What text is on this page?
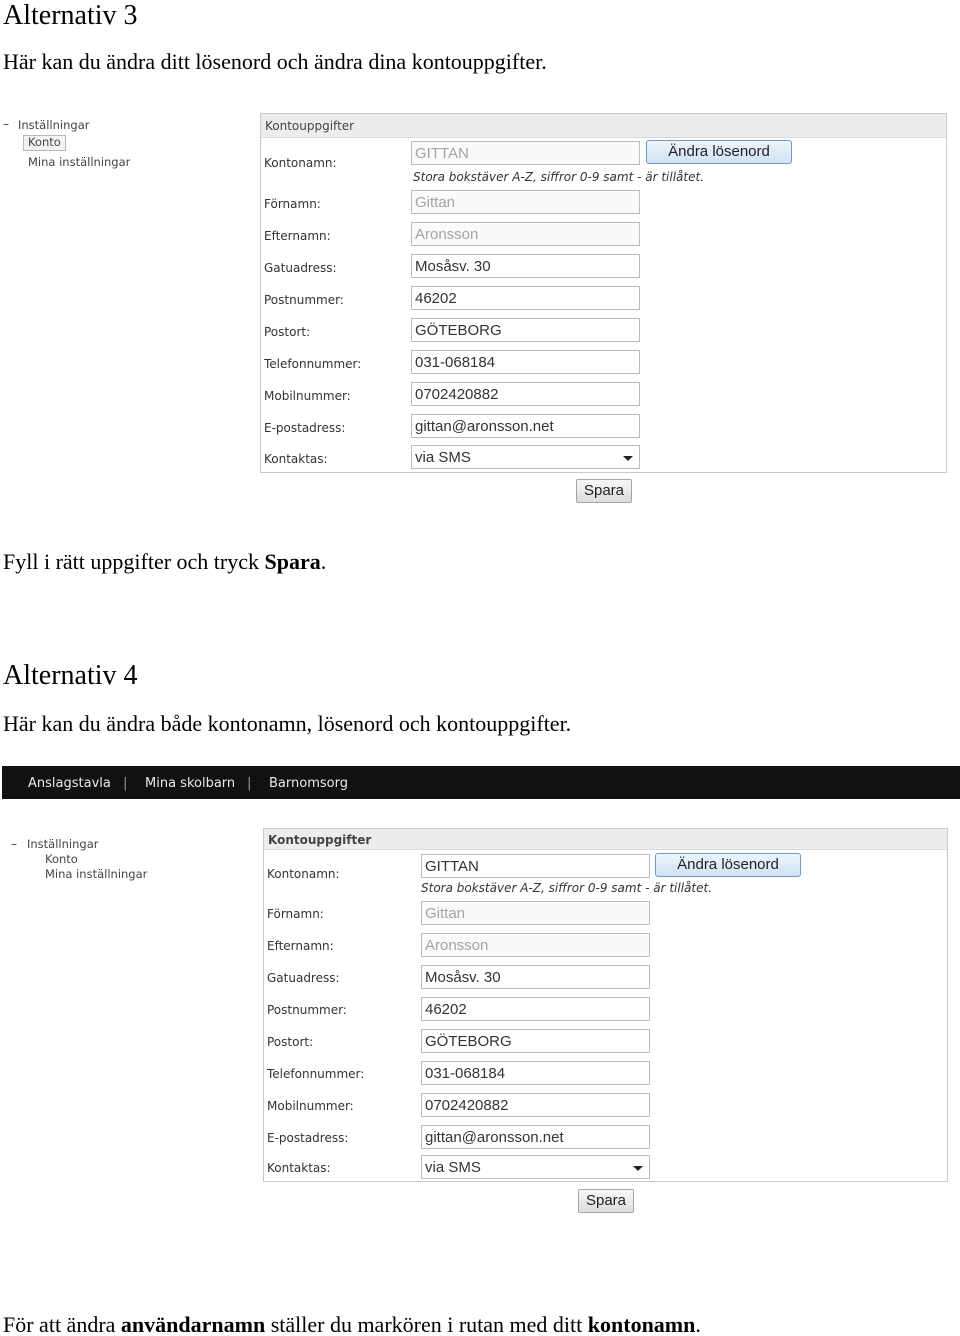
Alternativ 3
Här kan du ändra ditt lösenord och ändra dina kontouppgifter.
– Inställningar
Konto
Mina inställningar
Kontouppgifter
Kontonamn:
GITTAN	Ändra lösenord
Stora bokstäver A-Z, siffror 0-9 samt - är tillåtet.
Förnamn:	Gittan
Efternamn:	Aronsson
Gatuadress:	Mosåsv. 30
Postnummer:	46202
Postort:	GÖTEBORG
Telefonnummer:	031-068184
Mobilnummer:	0702420882
E-postadress:	gittan@aronsson.net
Kontaktas:	via SMS
Spara
Fyll i rätt uppgifter och tryck Spara.
Alternativ 4
Här kan du ändra både kontonamn, lösenord och kontouppgifter.
Anslagstavla | Mina skolbarn | Barnomsorg
– Inställningar
Konto
Mina inställningar
Kontouppgifter
Kontonamn:	GITTAN	Ändra lösenord
Stora bokstäver A-Z, siffror 0-9 samt - är tillåtet.
Förnamn:	Gittan
Efternamn:	Aronsson
Gatuadress:	Mosåsv. 30
Postnummer:	46202
Postort:	GÖTEBORG
Telefonnummer:	031-068184
Mobilnummer:	0702420882
E-postadress:	gittan@aronsson.net
Kontaktas:	via SMS
Spara
För att ändra användarnamn ställer du markören i rutan med ditt kontonamn.
